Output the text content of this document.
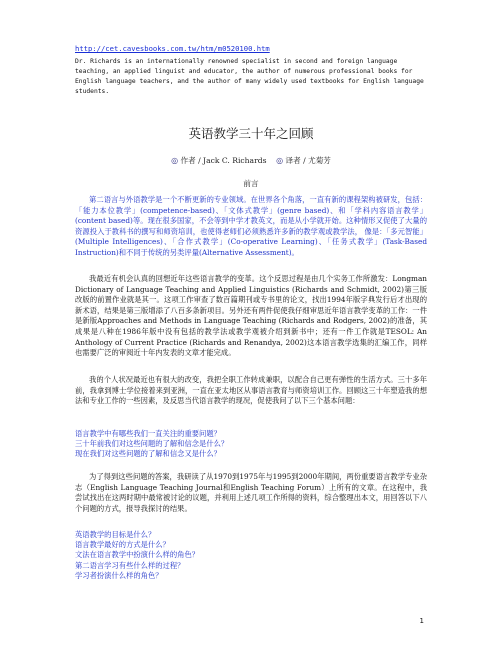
http://cet.cavesbooks.com.tw/htm/m0520100.htm
Dr. Richards is an internationally renowned specialist in second and foreign language teaching, an applied linguist and educator, the author of numerous professional books for English language teachers, and the author of many widely used textbooks for English language students.
英语教学三十年之回顾
◎ 作者 / Jack C. Richards ◎ 译者 / 尤菊芳
前言

第二语言与外语教学是一个不断更新的专业领域。在世界各个角落，一直有新的课程架构被研发，包括：「能力本位教学」(competence-based)、「文体式教学」(genre based)、和「学科内容语言教学」(content based)等。现在很多国家，不会等到中学才教英文，而是从小学就开始。这种情形又促使了大量的资源投入于教科书的撰写和师资培训，也使得老师们必须熟悉许多新的教学观或教学法， 像是：「多元智能」(Multiple Intelligences)、「合作式教学」(Co-operative Learning)、「任务式教学」(Task-Based Instruction)和不同于传统的另类评量(Alternative Assessment)。

我最近有机会认真的回想近年这些语言教学的变革。这个反思过程是由几个实务工作所激发：Longman Dictionary of Language Teaching and Applied Linguistics (Richards and Schmidt, 2002)第三版改版的前置作业就是其一。这项工作审查了数百篇期刊或专书里的论文，找出1994年版字典发行后才出现的新术语，结果是第三版增添了八百多条新项目。另外还有两件促使我仔细审思近年语言教学变革的工作：一件是新版Approaches and Methods in Language Teaching (Richards and Rodgers, 2002)的准备，其成果是八种在1986年版中没有包括的教学法或教学观被介绍到新书中；还有一件工作就是TESOL: An Anthology of Current Practice (Richards and Renandya, 2002)这本语言教学选集的汇编工作，同样也需要广泛的审阅近十年内发表的文章才能完成。

我的个人状况最近也有很大的改变，我把全职工作转成兼职，以配合自己更有弹性的生活方式。三十多年前，我拿到博士学位接着来到亚洲，一直在亚太地区从事语言教育与师资培训工作。回顾这三十年塑造我的想法和专业工作的一些因素，及反思当代语言教学的现况，促使我问了以下三个基本问题：

语言教学中有哪些我们一直关注的重要问题？
三十年前我们对这些问题的了解和信念是什么？
现在我们对这些问题的了解和信念又是什么？

为了得到这些问题的答案，我研读了从1970到1975年与1995到2000年期间，两份重要语言教学专业杂志（English Language Teaching Journal和English Teaching Forum）上所有的文章。在这程中，我尝试找出在这两时期中最常被讨论的议题，并利用上述几项工作所得的资料，综合整理出本文，用回答以下八个问题的方式，报导我探讨的结果。

英语教学的目标是什么？
语言教学最好的方式是什么？
文法在语言教学中扮演什么样的角色？
第二语言学习有些什么样的过程？
学习者扮演什么样的角色？
1
